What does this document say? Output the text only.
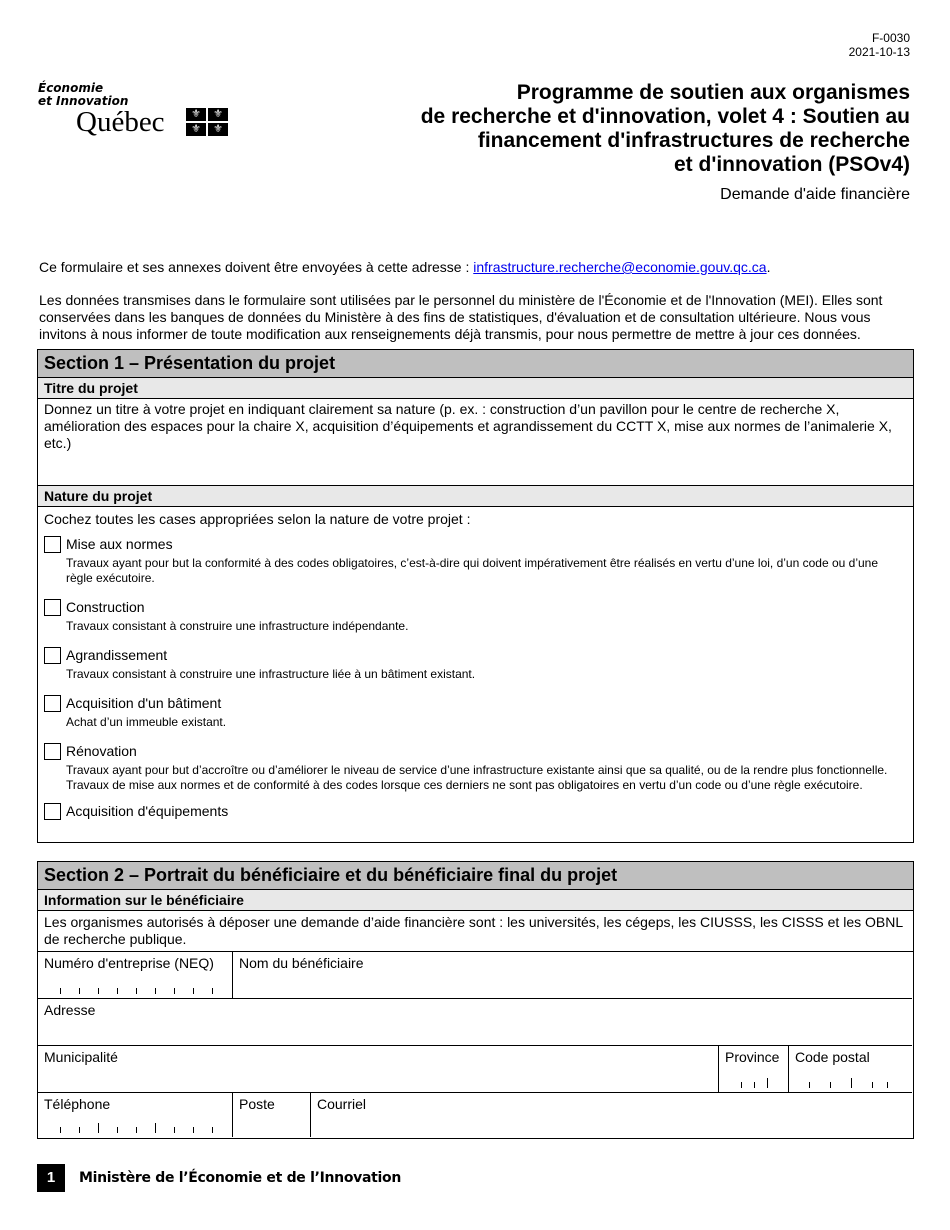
F-0030
2021-10-13
Économie
et Innovation
Québec	⚜	⚜
⚜	⚜
Programme de soutien aux organismes
de recherche et d'innovation, volet 4 : Soutien au
financement d'infrastructures de recherche
et d'innovation (PSOv4)
Demande d'aide financière
Ce formulaire et ses annexes doivent être envoyées à cette adresse : infrastructure.recherche@economie.gouv.qc.ca.
Les données transmises dans le formulaire sont utilisées par le personnel du ministère de l'Économie et de l'Innovation (MEI). Elles sont conservées dans les banques de données du Ministère à des fins de statistiques, d'évaluation et de consultation ultérieure. Nous vous invitons à nous informer de toute modification aux renseignements déjà transmis, pour nous permettre de mettre à jour ces données.
Section 1 – Présentation du projet
Titre du projet
Donnez un titre à votre projet en indiquant clairement sa nature (p. ex. : construction d’un pavillon pour le centre de recherche X, amélioration des espaces pour la chaire X, acquisition d’équipements et agrandissement du CCTT X, mise aux normes de l’animalerie X, etc.)
Nature du projet
Cochez toutes les cases appropriées selon la nature de votre projet :
Mise aux normes
Travaux ayant pour but la conformité à des codes obligatoires, c’est-à-dire qui doivent impérativement être réalisés en vertu d’une loi, d’un code ou d’une règle exécutoire.
Construction
Travaux consistant à construire une infrastructure indépendante.
Agrandissement
Travaux consistant à construire une infrastructure liée à un bâtiment existant.
Acquisition d'un bâtiment
Achat d’un immeuble existant.
Rénovation
Travaux ayant pour but d’accroître ou d’améliorer le niveau de service d’une infrastructure existante ainsi que sa qualité, ou de la rendre plus fonctionnelle. Travaux de mise aux normes et de conformité à des codes lorsque ces derniers ne sont pas obligatoires en vertu d’un code ou d’une règle exécutoire.
Acquisition d'équipements
Section 2 – Portrait du bénéficiaire et du bénéficiaire final du projet
Information sur le bénéficiaire
Les organismes autorisés à déposer une demande d’aide financière sont : les universités, les cégeps, les CIUSSS, les CISSS et les OBNL de recherche publique.
Numéro d'entreprise (NEQ)	Nom du bénéficiaire
Adresse
Municipalité	Province	Code postal
Téléphone	Poste	Courriel
1	Ministère de l’Économie et de l’Innovation
